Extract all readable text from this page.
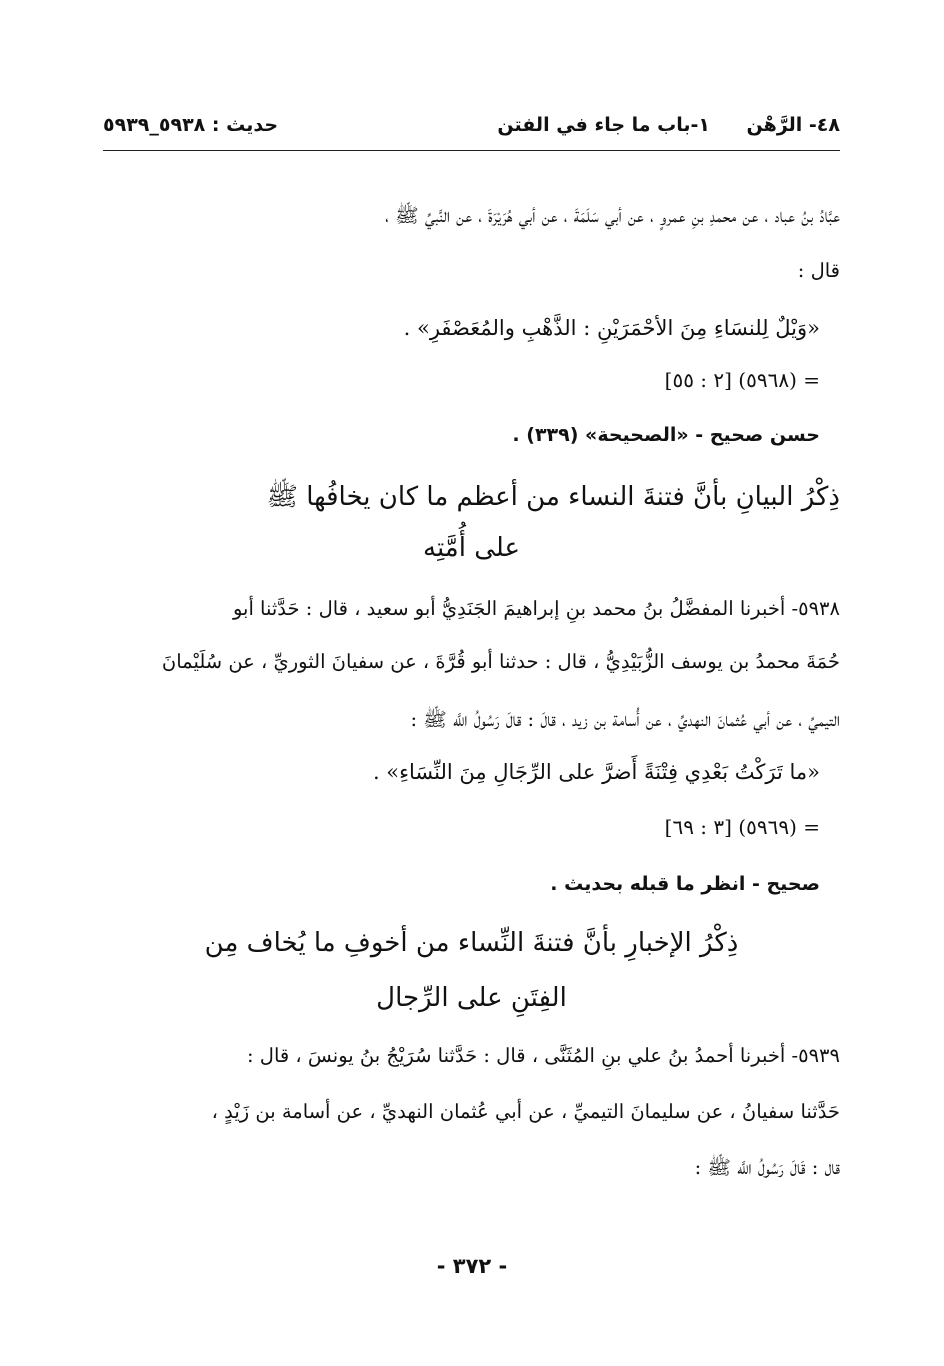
٤٨- الرَّهْن
١-باب ما جاء في الفتن
حديث : ٥٩٣٨_٥٩٣٩
عبَّادُ بنُ عباد ، عن محمدِ بنِ عمروٍ ، عن أبي سَلَمَةَ ، عن أبي هُرَيْرَةَ ، عن النَّبيِّ ﷺ ،
قال :
«وَيْلٌ لِلنسَاءِ مِنَ الأحْمَرَيْنِ : الذَّهْبِ والمُعَصْفَرِ» .
= (٥٩٦٨) [٢ : ٥٥]
حسن صحيح - «الصحيحة» (٣٣٩) .
ذِكْرُ البيانِ بأنَّ فتنةَ النساء من أعظم ما كان يخافُها ﷺ
على أُمَّتِه
٥٩٣٨- أخبرنا المفضَّلُ بنُ محمد بنِ إبراهيمَ الجَنَدِيُّ أبو سعيد ، قال : حَدَّثنا أبو
حُمَةَ محمدُ بن يوسف الزُّبَيْدِيُّ ، قال : حدثنا أبو قُرَّةَ ، عن سفيانَ الثوريِّ ، عن سُلَيْمانَ
التيميِّ ، عن أبي عُثمانَ النهديِّ ، عن أُسامة بن زيد ، قالَ : قالَ رَسُولُ اللَّه ﷺ :
«ما تَرَكْتُ بَعْدِي فِتْنَةً أَضرَّ على الرِّجَالِ مِنَ النِّسَاءِ» .
= (٥٩٦٩) [٣ : ٦٩]
صحيح - انظر ما قبله بحديث .
ذِكْرُ الإخبارِ بأنَّ فتنةَ النِّساء من أخوفِ ما يُخاف مِن
الفِتَنِ على الرِّجال
٥٩٣٩- أخبرنا أحمدُ بنُ علي بنِ المُثَنَّى ، قال : حَدَّثنا سُرَيْجُ بنُ يونسَ ، قال :
حَدَّثنا سفيانُ ، عن سليمانَ التيميِّ ، عن أبي عُثمان النهديِّ ، عن أسامة بن زَيْدٍ ،
قال : قَالَ رَسُولُ اللَّه ﷺ :
- ٣٧٢ -
